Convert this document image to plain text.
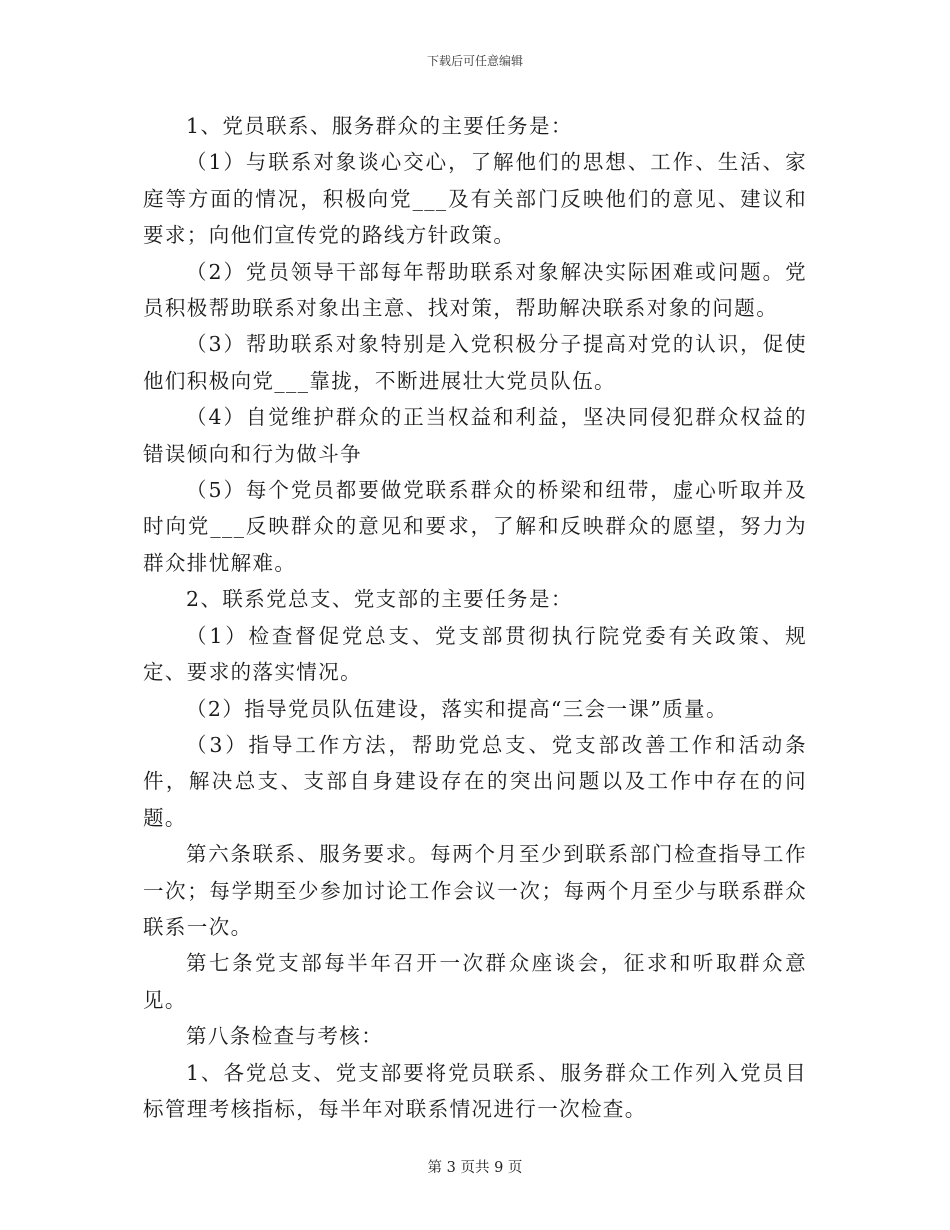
下载后可任意编辑

1、党员联系、服务群众的主要任务是：

（1）与联系对象谈心交心，了解他们的思想、工作、生活、家庭等方面的情况，积极向党___及有关部门反映他们的意见、建议和要求；向他们宣传党的路线方针政策。

（2）党员领导干部每年帮助联系对象解决实际困难或问题。党员积极帮助联系对象出主意、找对策，帮助解决联系对象的问题。

（3）帮助联系对象特别是入党积极分子提高对党的认识，促使他们积极向党___靠拢，不断进展壮大党员队伍。

（4）自觉维护群众的正当权益和利益，坚决同侵犯群众权益的错误倾向和行为做斗争

（5）每个党员都要做党联系群众的桥梁和纽带，虚心听取并及时向党___反映群众的意见和要求，了解和反映群众的愿望，努力为群众排忧解难。

2、联系党总支、党支部的主要任务是：

（1）检查督促党总支、党支部贯彻执行院党委有关政策、规定、要求的落实情况。

（2）指导党员队伍建设，落实和提高“三会一课”质量。

（3）指导工作方法，帮助党总支、党支部改善工作和活动条件，解决总支、支部自身建设存在的突出问题以及工作中存在的问题。

第六条联系、服务要求。每两个月至少到联系部门检查指导工作一次；每学期至少参加讨论工作会议一次；每两个月至少与联系群众联系一次。

第七条党支部每半年召开一次群众座谈会，征求和听取群众意见。

第八条检查与考核：

1、各党总支、党支部要将党员联系、服务群众工作列入党员目标管理考核指标，每半年对联系情况进行一次检查。

第 3 页共 9 页
